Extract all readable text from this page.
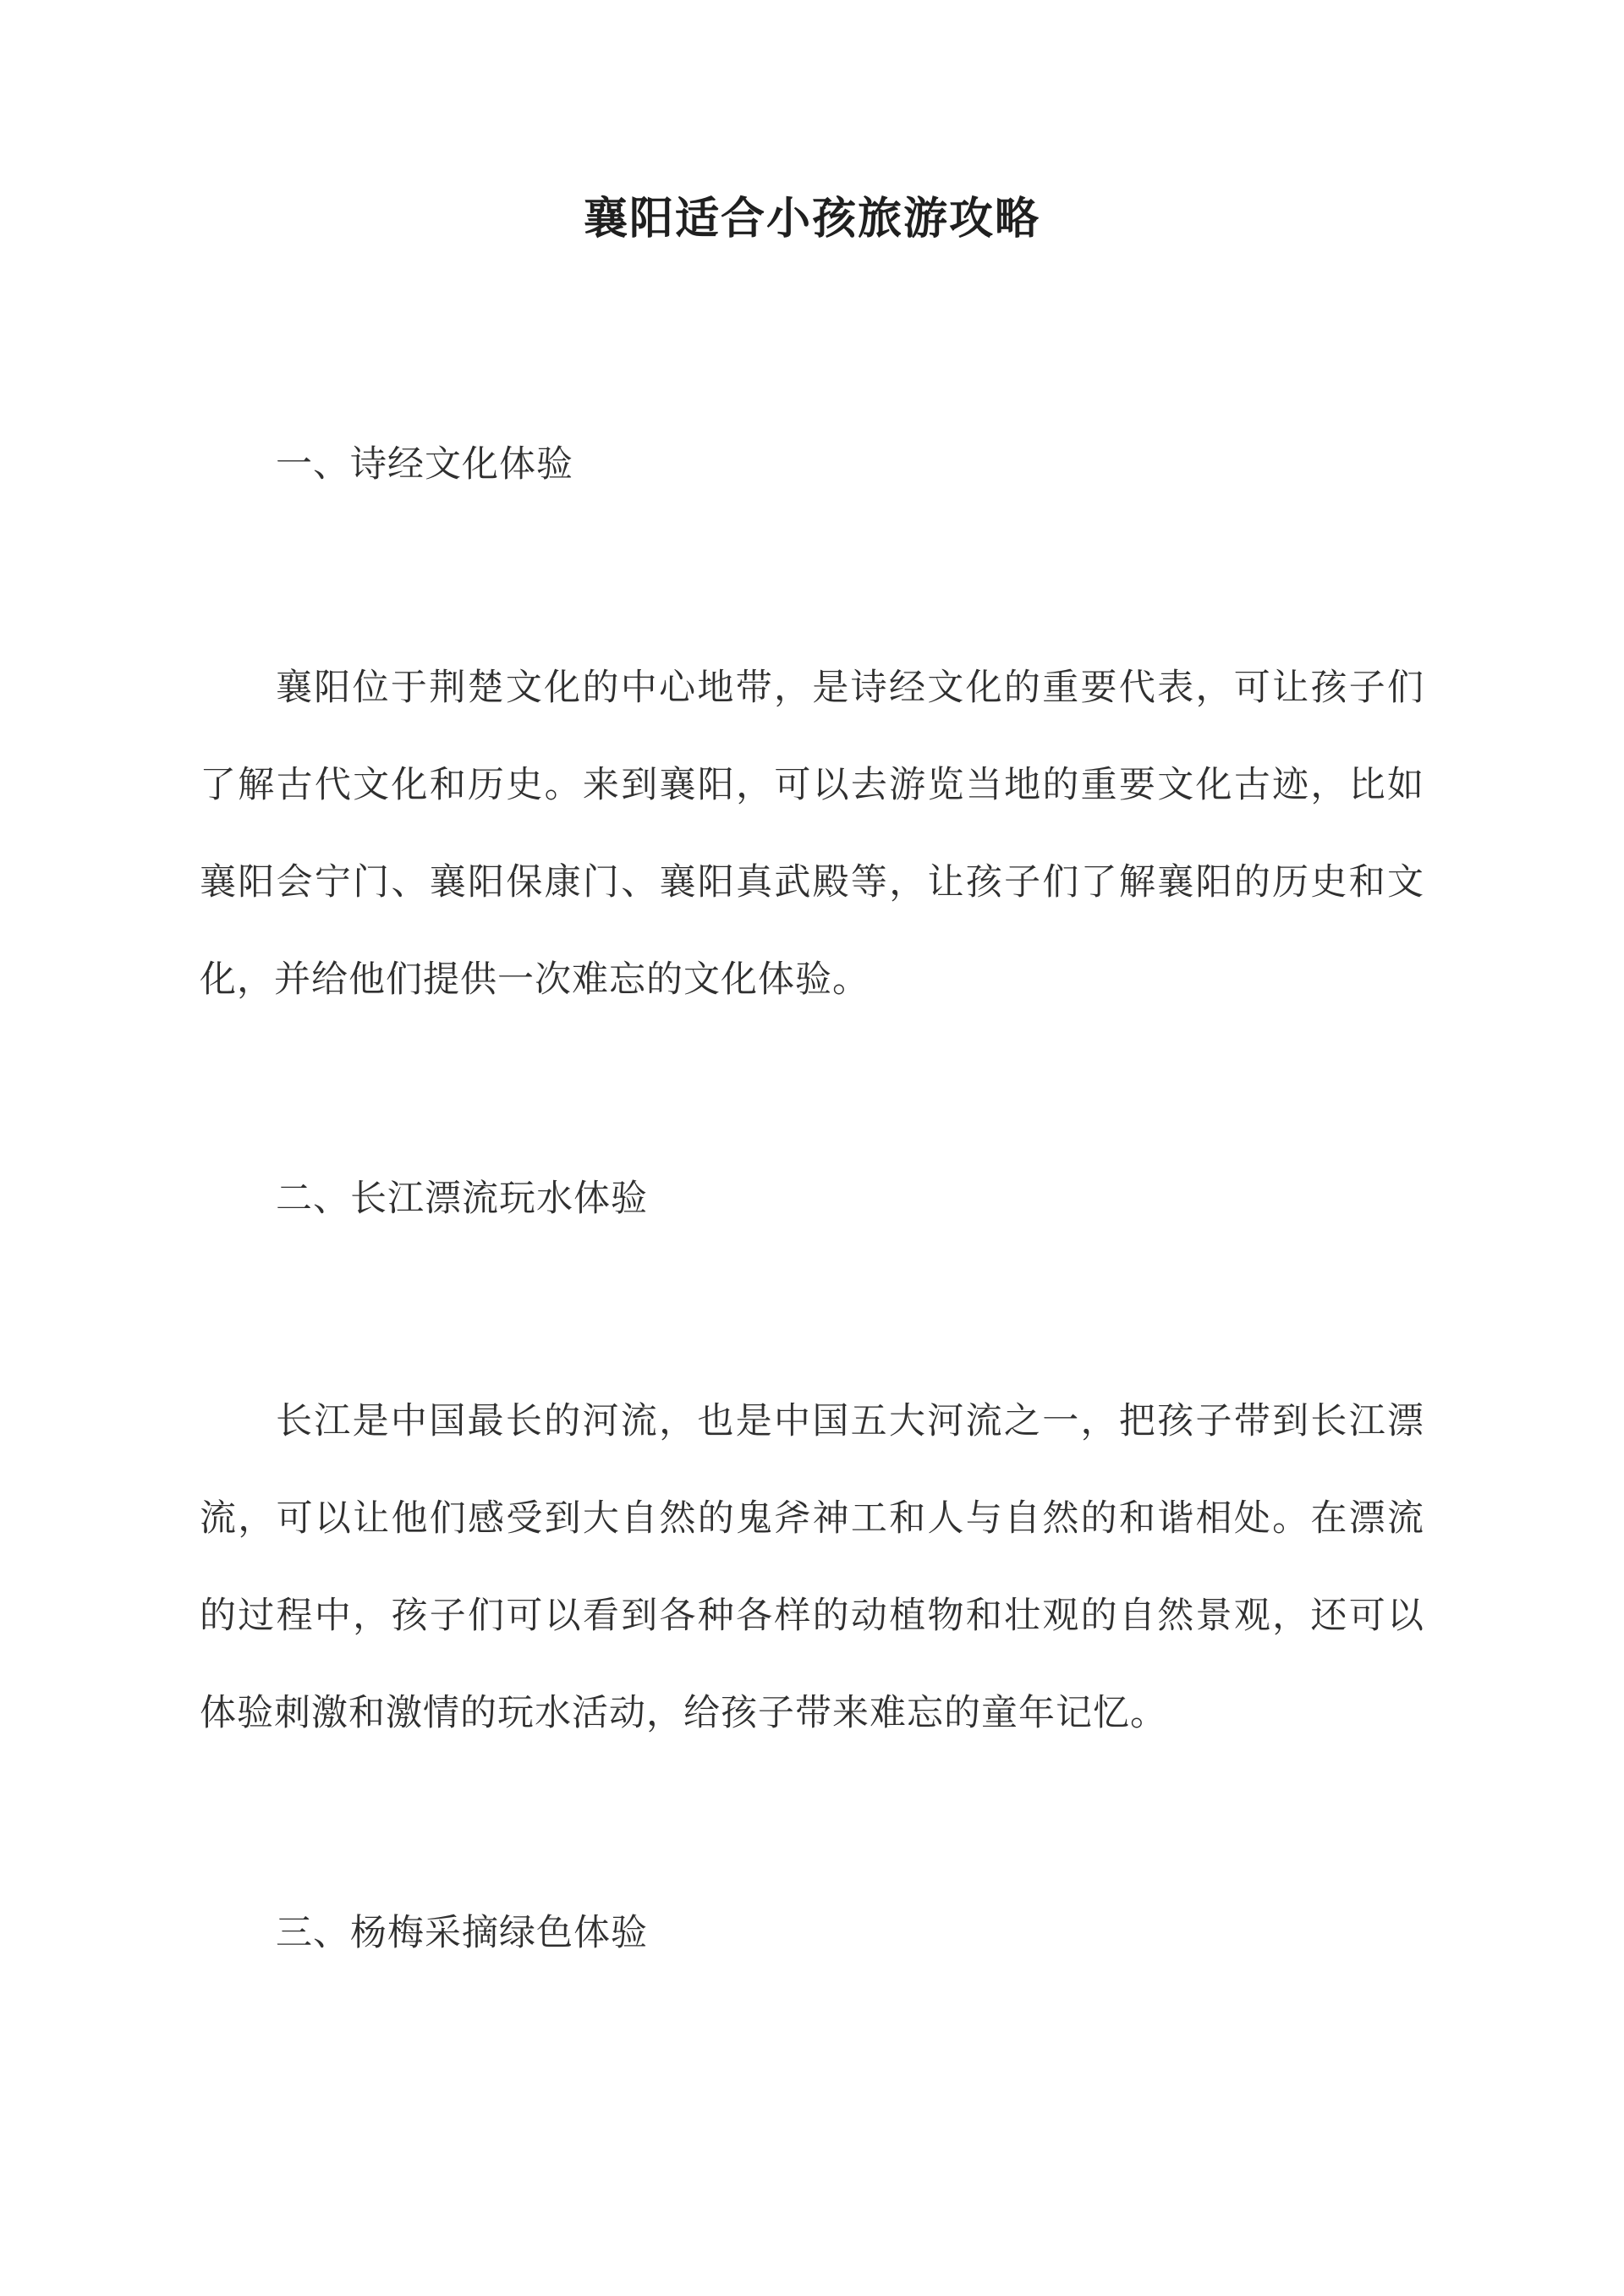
襄阳适合小孩旅游攻略
一、诗经文化体验

襄阳位于荆楚文化的中心地带，是诗经文化的重要代表，可让孩子们了解古代文化和历史。来到襄阳，可以去游览当地的重要文化古迹，比如襄阳会宁门、襄阳保康门、襄阳真武殿等，让孩子们了解襄阳的历史和文化，并给他们提供一次难忘的文化体验。

二、长江漂流玩水体验

长江是中国最长的河流，也是中国五大河流之一，把孩子带到长江漂流，可以让他们感受到大自然的鬼斧神工和人与自然的和谐相处。在漂流的过程中，孩子们可以看到各种各样的动植物和壮观的自然景观，还可以体验刺激和激情的玩水活动，给孩子带来难忘的童年记忆。

三、杨梅采摘绿色体验
